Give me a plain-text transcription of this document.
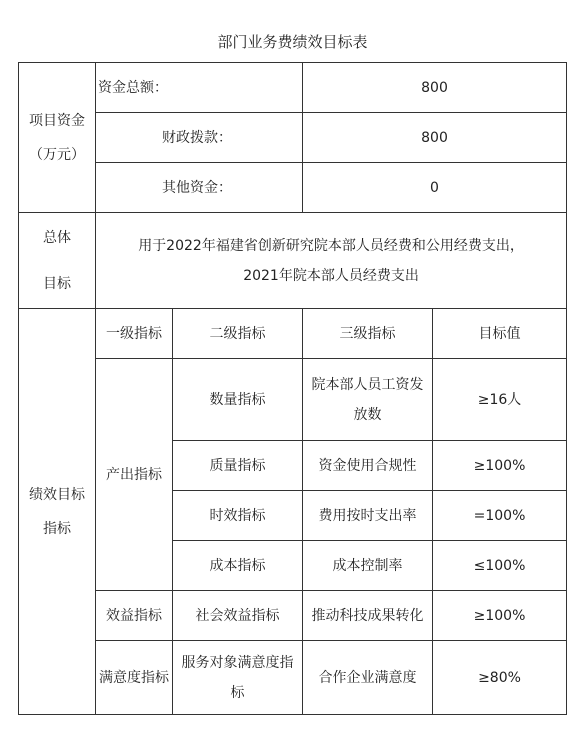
部门业务费绩效目标表
项目资金
（万元）	资金总额：		800	
	财政拨款：		800	
	其他资金：		0	

总体
目标	用于2022年福建省创新研究院本部人员经费和公用经费支出，
2021年院本部人员经费支出			

绩效目标
指标	一级指标	二级指标	三级指标	目标值
	产出指标	数量指标	院本部人员工资发放数	≥16人
		质量指标	资金使用合规性	≥100%
		时效指标	费用按时支出率	=100%
		成本指标	成本控制率	≤100%
	效益指标	社会效益指标	推动科技成果转化	≥100%
	满意度指标	服务对象满意度指标	合作企业满意度	≥80%
